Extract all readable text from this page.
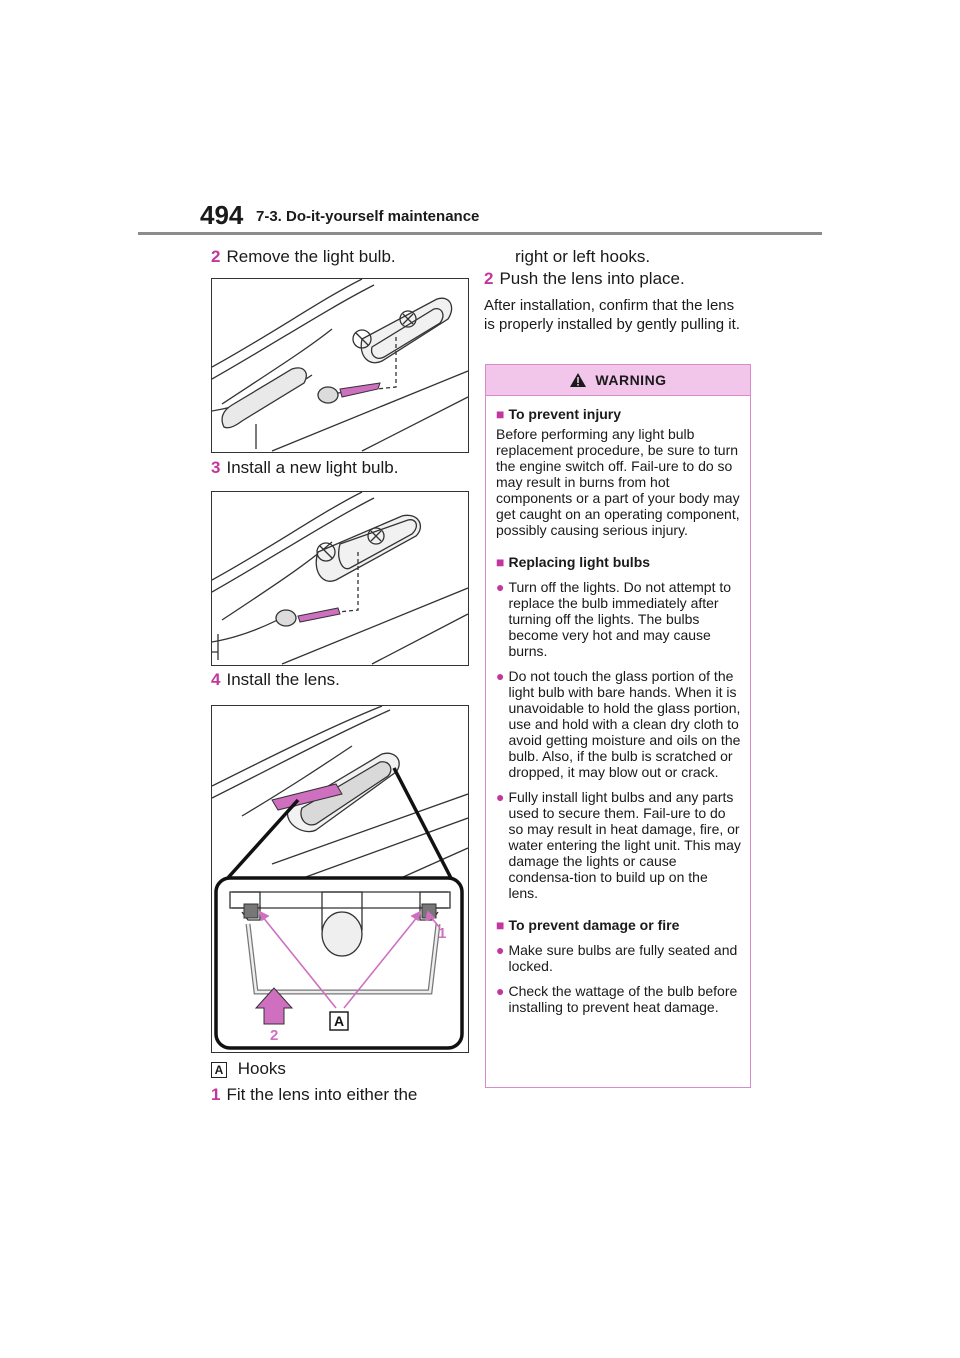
494 7-3. Do-it-yourself maintenance
2 Remove the light bulb.
3 Install a new light bulb.
4 Install the lens.
A
1
2
A Hooks
1 Fit the lens into either the
right or left hooks.
2 Push the lens into place.
After installation, confirm that the lens is properly installed by gently pulling it.
WARNING
■ To prevent injury
Before performing any light bulb replacement procedure, be sure to turn the engine switch off. Fail-ure to do so may result in burns from hot components or a part of your body may get caught on an operating component, possibly causing serious injury.
■ Replacing light bulbs
● Turn off the lights. Do not attempt to replace the bulb immediately after turning off the lights. The bulbs become very hot and may cause burns.
● Do not touch the glass portion of the light bulb with bare hands. When it is unavoidable to hold the glass portion, use and hold with a clean dry cloth to avoid getting moisture and oils on the bulb. Also, if the bulb is scratched or dropped, it may blow out or crack.
● Fully install light bulbs and any parts used to secure them. Fail-ure to do so may result in heat damage, fire, or water entering the light unit. This may damage the lights or cause condensa-tion to build up on the lens.
■ To prevent damage or fire
● Make sure bulbs are fully seated and locked.
● Check the wattage of the bulb before installing to prevent heat damage.
